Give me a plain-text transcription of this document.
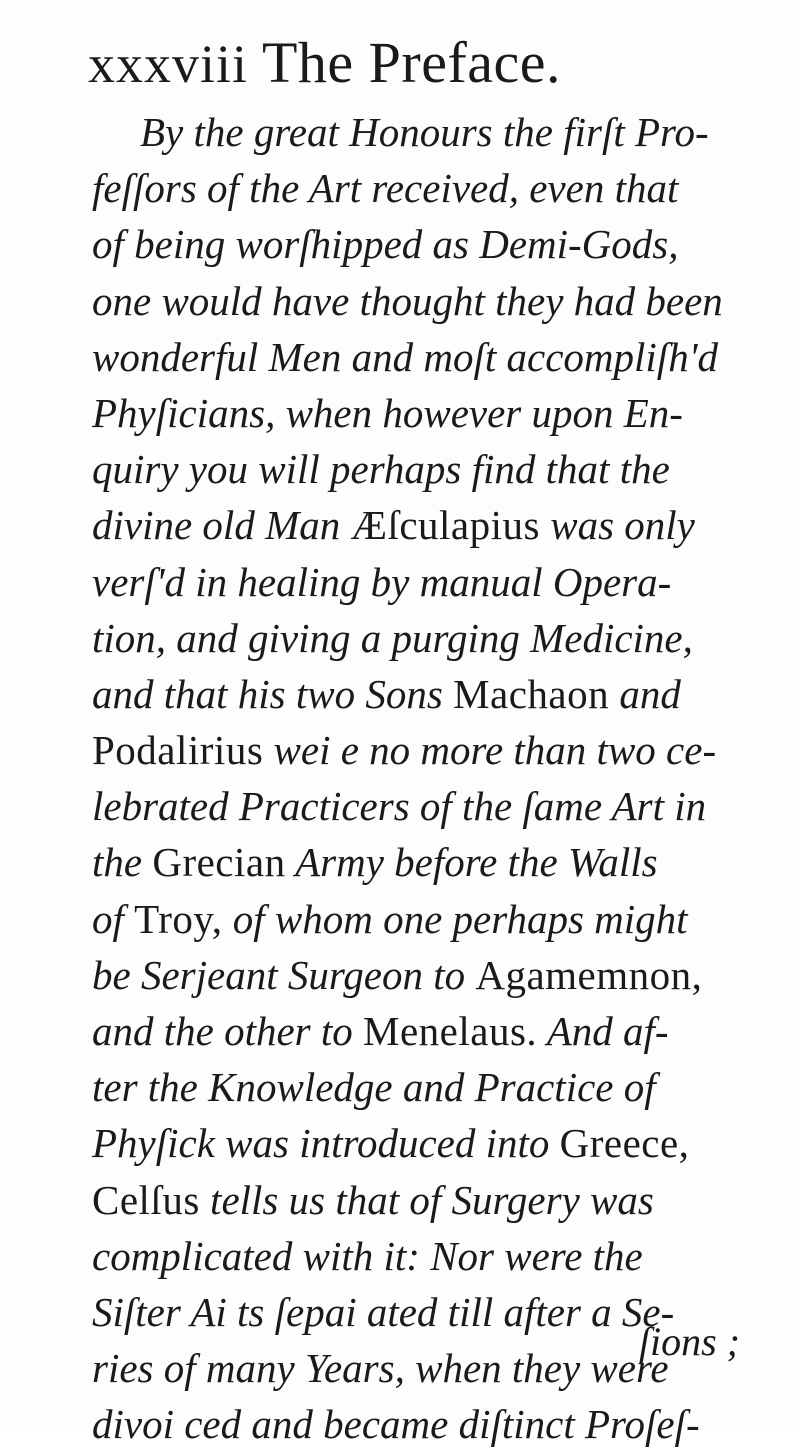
xxxviii The Preface.
By the great Honours the firſt Pro-
feſſors of the Art received, even that
of being worſhipped as Demi-Gods,
one would have thought they had been
wonderful Men and moſt accompliſh'd
Phyſicians, when however upon En-
quiry you will perhaps find that the
divine old Man Æſculapius was only
verſ'd in healing by manual Opera-
tion, and giving a purging Medicine,
and that his two Sons Machaon and
Podalirius wei e no more than two ce-
lebrated Practicers of the ſame Art in
the Grecian Army before the Walls
of Troy, of whom one perhaps might
be Serjeant Surgeon to Agamemnon,
and the other to Menelaus. And af-
ter the Knowledge and Practice of
Phyſick was introduced into Greece,
Celſus tells us that of Surgery was
complicated with it: Nor were the
Siſter Ai ts ſepai ated till after a Se-
ries of many Years, when they were
divoi ced and became diſtinct Proſeſ-
ſions ;
